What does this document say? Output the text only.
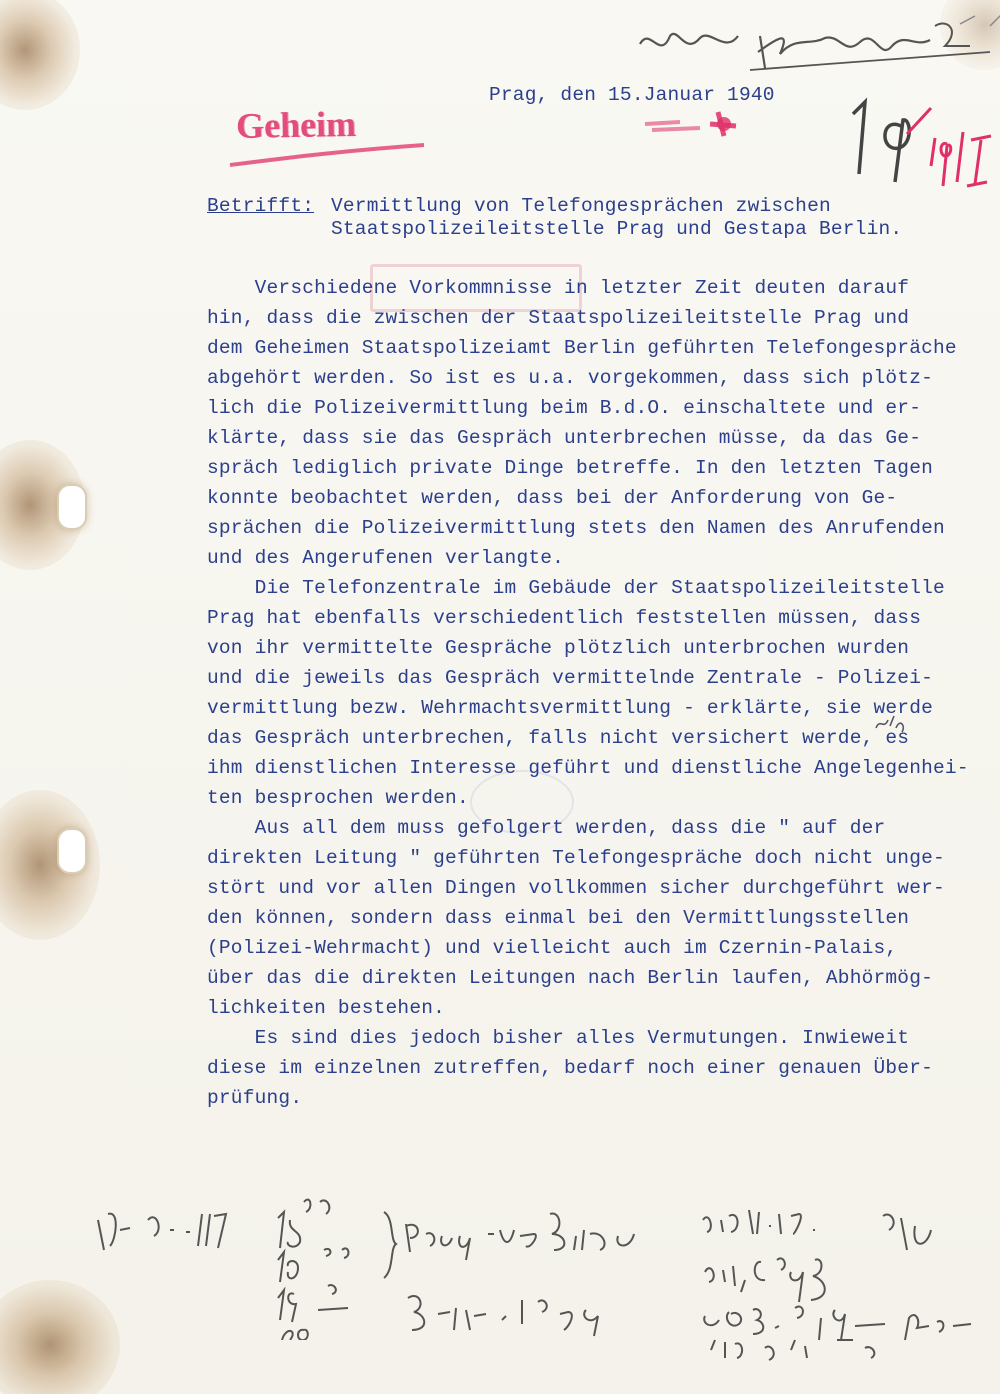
Geheim
Prag, den 15.Januar 1940
Betrifft: Vermittlung von Telefongesprächen zwischen
Staatspolizeileitstelle Prag und Gestapa Berlin.
Verschiedene Vorkommnisse in letzter Zeit deuten darauf
hin, dass die zwischen der Staatspolizeileitstelle Prag und
dem Geheimen Staatspolizeiamt Berlin geführten Telefongespräche
abgehört werden. So ist es u.a. vorgekommen, dass sich plötz-
lich die Polizeivermittlung beim B.d.O. einschaltete und er-
klärte, dass sie das Gespräch unterbrechen müsse, da das Ge-
spräch lediglich private Dinge betreffe. In den letzten Tagen
konnte beobachtet werden, dass bei der Anforderung von Ge-
sprächen die Polizeivermittlung stets den Namen des Anrufenden
und des Angerufenen verlangte.
Die Telefonzentrale im Gebäude der Staatspolizeileitstelle
Prag hat ebenfalls verschiedentlich feststellen müssen, dass
von ihr vermittelte Gespräche plötzlich unterbrochen wurden
und die jeweils das Gespräch vermittelnde Zentrale - Polizei-
vermittlung bezw. Wehrmachtsvermittlung - erklärte, sie werde
das Gespräch unterbrechen, falls nicht versichert werde, es
ihm dienstlichen Interesse geführt und dienstliche Angelegenhei-
ten besprochen werden.
Aus all dem muss gefolgert werden, dass die " auf der
direkten Leitung " geführten Telefongespräche doch nicht unge-
stört und vor allen Dingen vollkommen sicher durchgeführt wer-
den können, sondern dass einmal bei den Vermittlungsstellen
(Polizei-Wehrmacht) und vielleicht auch im Czernin-Palais,
über das die direkten Leitungen nach Berlin laufen, Abhörmög-
lichkeiten bestehen.
Es sind dies jedoch bisher alles Vermutungen. Inwieweit
diese im einzelnen zutreffen, bedarf noch einer genauen Über-
prüfung.
